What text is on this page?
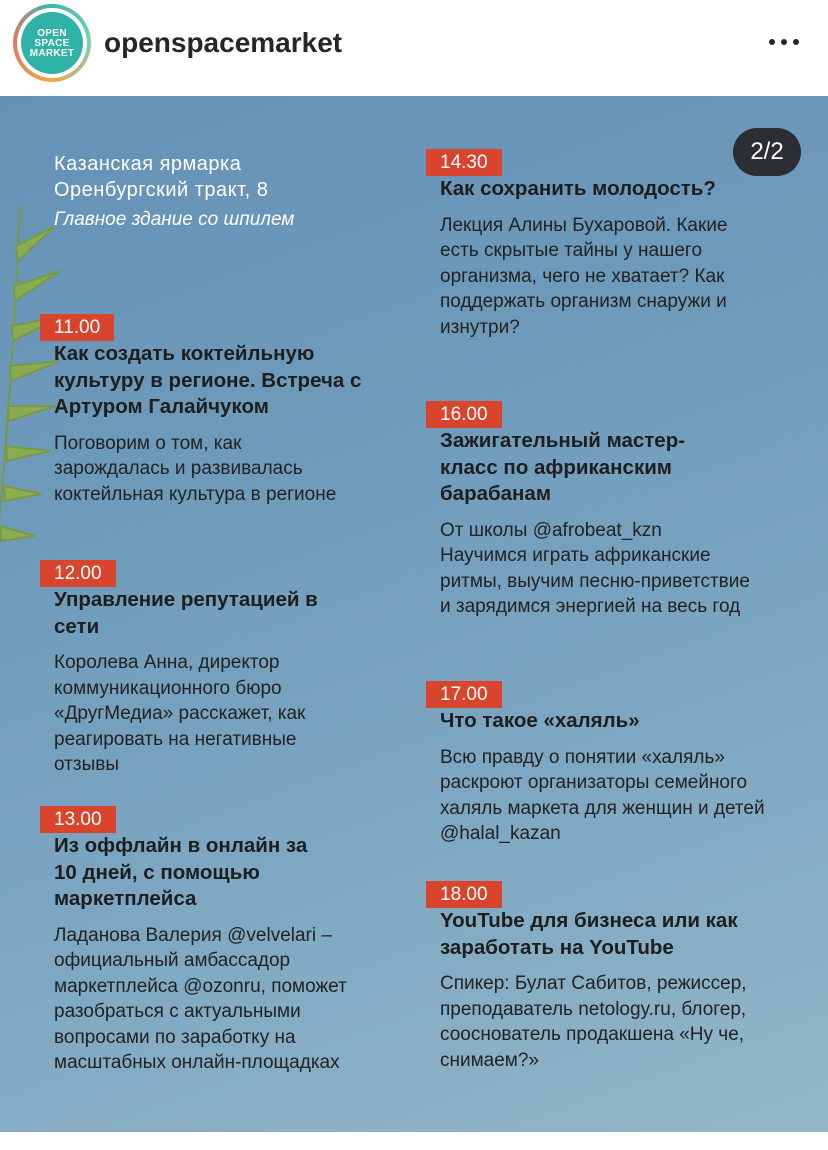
OPEN
SPACE
MARKET	openspacemarket
2/2
Казанская ярмарка
Оренбургский тракт, 8
Главное здание со шпилем
11.00
Как создать коктейльную культуру в регионе. Встреча с Артуром Галайчуком
Поговорим о том, как зарождалась и развивалась коктейльная культура в регионе
12.00
Управление репутацией в сети
Королева Анна, директор коммуникационного бюро «ДругМедиа» расскажет, как реагировать на негативные отзывы
13.00
Из оффлайн в онлайн за 10 дней, с помощью маркетплейса
Ладанова Валерия @velvelari – официальный амбассадор маркетплейса @ozonru, поможет разобраться с актуальными вопросами по заработку на масштабных онлайн-площадках
14.30
Как сохранить молодость?
Лекция Алины Бухаровой. Какие есть скрытые тайны у нашего организма, чего не хватает? Как поддержать организм снаружи и изнутри?
16.00
Зажигательный мастер-класс по африканским барабанам
От школы @afrobeat_kzn Научимся играть африканские ритмы, выучим песню-приветствие и зарядимся энергией на весь год
17.00
Что такое «халяль»
Всю правду о понятии «халяль» раскроют организаторы семейного халяль маркета для женщин и детей @halal_kazan
18.00
YouTube для бизнеса или как заработать на YouTube
Спикер: Булат Сабитов, режиссер, преподаватель netology.ru, блогер, сооснователь продакшена «Ну че, снимаем?»
